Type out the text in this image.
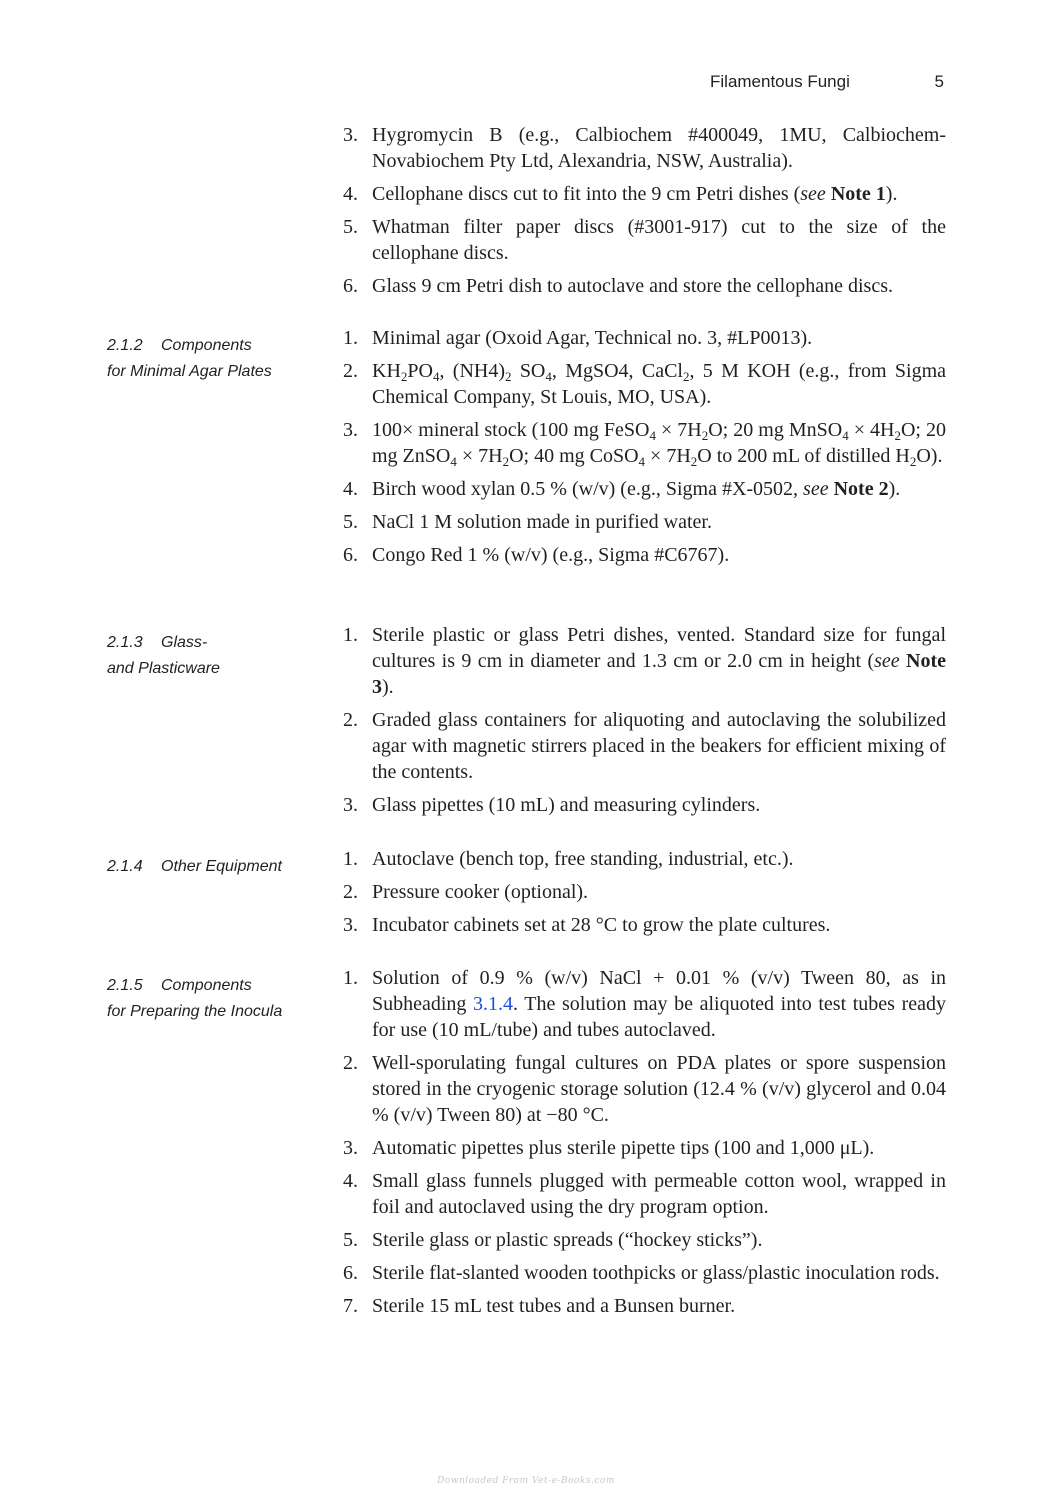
Filamentous Fungi	5
3. Hygromycin B (e.g., Calbiochem #400049, 1MU, Calbiochem-Novabiochem Pty Ltd, Alexandria, NSW, Australia).
4. Cellophane discs cut to fit into the 9 cm Petri dishes (see Note 1).
5. Whatman filter paper discs (#3001-917) cut to the size of the cellophane discs.
6. Glass 9 cm Petri dish to autoclave and store the cellophane discs.
2.1.2 Components
for Minimal Agar Plates
1. Minimal agar (Oxoid Agar, Technical no. 3, #LP0013).
2. $KH_2PO_4$, $(NH4)_2$ $SO_4$, MgSO4, CaCl$_2$, 5 M KOH (e.g., from Sigma Chemical Company, St Louis, MO, USA).
3. 100× mineral stock (100 mg FeSO$_4$ × $7H_2O$; 20 mg MnSO$_4$ × $4H_2O$; 20 mg ZnSO$_4$ × $7H_2O$; 40 mg CoSO$_4$ × $7H_2O$ to 200 mL of distilled $H_2O$).
4. Birch wood xylan 0.5 % (w/v) (e.g., Sigma #X-0502, see Note 2).
5. NaCl 1 M solution made in purified water.
6. Congo Red 1 % (w/v) (e.g., Sigma #C6767).
2.1.3 Glass-
and Plasticware
1. Sterile plastic or glass Petri dishes, vented. Standard size for fungal cultures is 9 cm in diameter and 1.3 cm or 2.0 cm in height (see Note 3).
2. Graded glass containers for aliquoting and autoclaving the solubilized agar with magnetic stirrers placed in the beakers for efficient mixing of the contents.
3. Glass pipettes (10 mL) and measuring cylinders.
2.1.4 Other Equipment	1. Autoclave (bench top, free standing, industrial, etc.).
2. Pressure cooker (optional).
3. Incubator cabinets set at 28 °C to grow the plate cultures.
2.1.5 Components
for Preparing the Inocula
1. Solution of 0.9 % (w/v) NaCl + 0.01 % (v/v) Tween 80, as in Subheading 3.1.4. The solution may be aliquoted into test tubes ready for use (10 mL/tube) and tubes autoclaved.
2. Well-sporulating fungal cultures on PDA plates or spore suspension stored in the cryogenic storage solution (12.4 % (v/v) glycerol and 0.04 % (v/v) Tween 80) at −80 °C.
3. Automatic pipettes plus sterile pipette tips (100 and 1,000 μL).
4. Small glass funnels plugged with permeable cotton wool, wrapped in foil and autoclaved using the dry program option.
5. Sterile glass or plastic spreads (“hockey sticks”).
6. Sterile flat-slanted wooden toothpicks or glass/plastic inoculation rods.
7. Sterile 15 mL test tubes and a Bunsen burner.
Downloaded From Vet-e-Books.com
